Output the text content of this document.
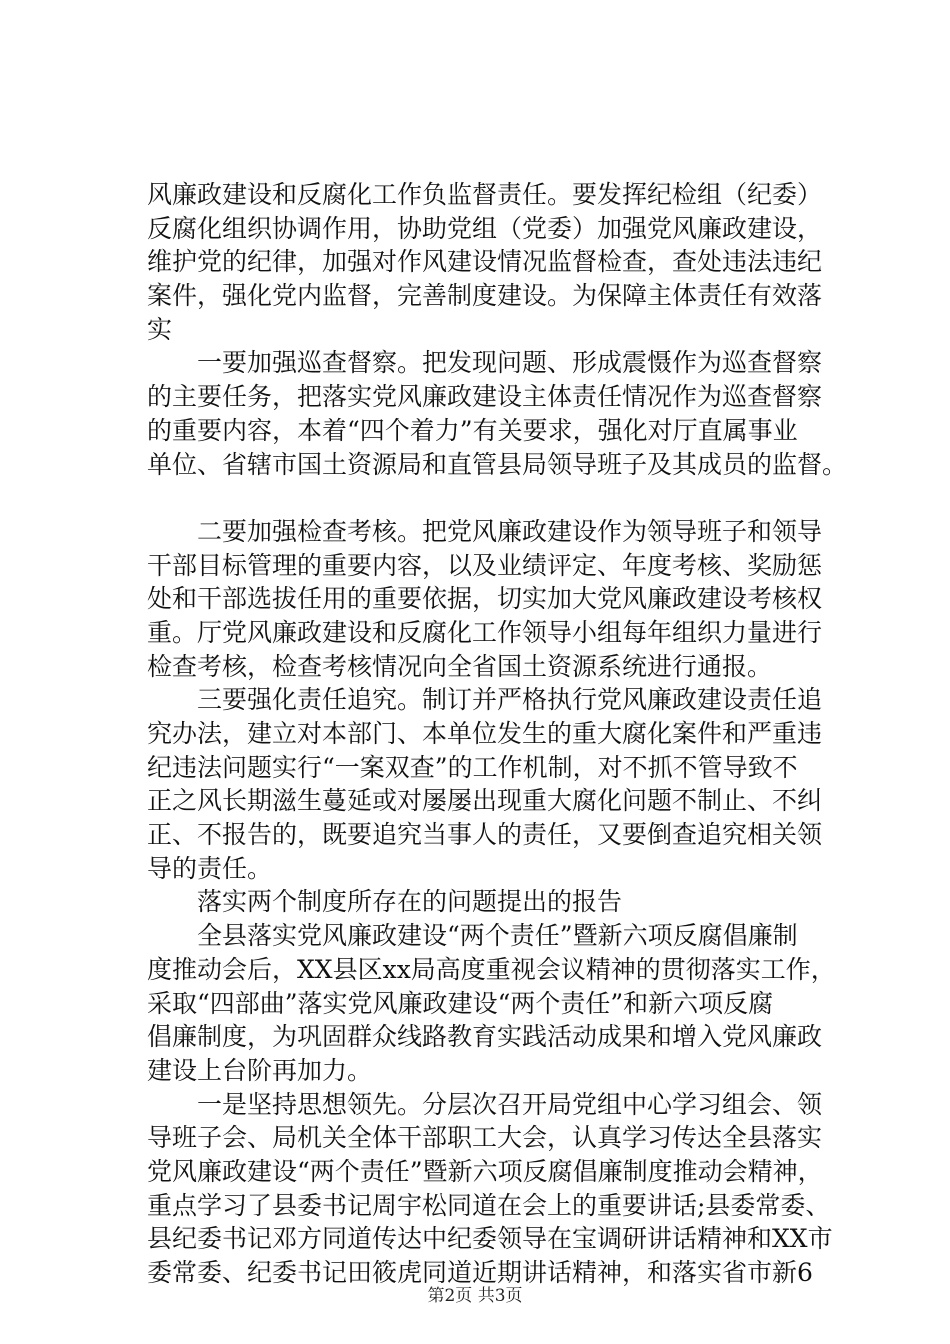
风廉政建设和反腐化工作负监督责任。要发挥纪检组（纪委）
反腐化组织协调作用，协助党组（党委）加强党风廉政建设，
维护党的纪律，加强对作风建设情况监督检查，查处违法违纪
案件，强化党内监督，完善制度建设。为保障主体责任有效落
实
一要加强巡查督察。把发现问题、形成震慑作为巡查督察
的主要任务，把落实党风廉政建设主体责任情况作为巡查督察
的重要内容，本着“四个着力”有关要求，强化对厅直属事业
单位、省辖市国土资源局和直管县局领导班子及其成员的监督。
二要加强检查考核。把党风廉政建设作为领导班子和领导
干部目标管理的重要内容，以及业绩评定、年度考核、奖励惩
处和干部选拔任用的重要依据，切实加大党风廉政建设考核权
重。厅党风廉政建设和反腐化工作领导小组每年组织力量进行
检查考核，检查考核情况向全省国土资源系统进行通报。
三要强化责任追究。制订并严格执行党风廉政建设责任追
究办法，建立对本部门、本单位发生的重大腐化案件和严重违
纪违法问题实行“一案双查”的工作机制，对不抓不管导致不
正之风长期滋生蔓延或对屡屡出现重大腐化问题不制止、不纠
正、不报告的，既要追究当事人的责任，又要倒查追究相关领
导的责任。
落实两个制度所存在的问题提出的报告
全县落实党风廉政建设“两个责任”暨新六项反腐倡廉制
度推动会后，XX县区xx局高度重视会议精神的贯彻落实工作，
采取“四部曲”落实党风廉政建设“两个责任”和新六项反腐
倡廉制度，为巩固群众线路教育实践活动成果和增入党风廉政
建设上台阶再加力。
一是坚持思想领先。分层次召开局党组中心学习组会、领
导班子会、局机关全体干部职工大会，认真学习传达全县落实
党风廉政建设“两个责任”暨新六项反腐倡廉制度推动会精神，
重点学习了县委书记周宇松同道在会上的重要讲话;县委常委、
县纪委书记邓方同道传达中纪委领导在宝调研讲话精神和XX市
委常委、纪委书记田筱虎同道近期讲话精神，和落实省市新6
第2页 共3页
